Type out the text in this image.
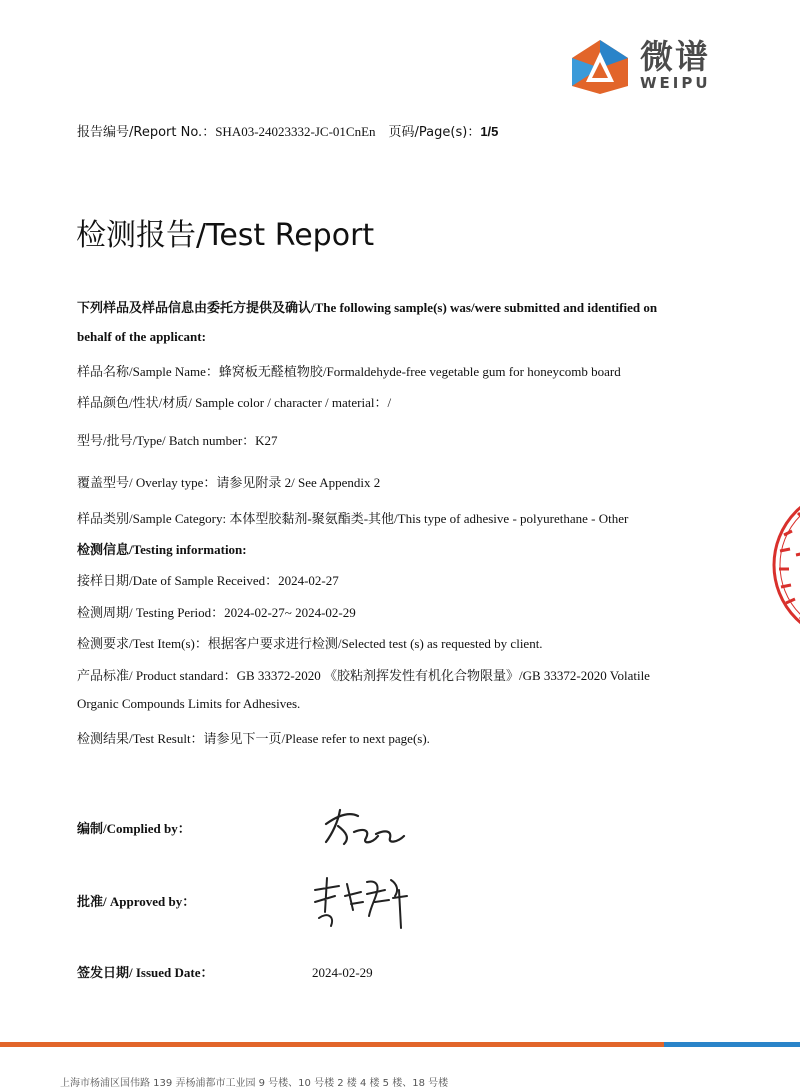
微谱
WEIPU
报告编号/Report No.：SHA03-24023332-JC-01CnEn 页码/Page(s)：1/5
检测报告/Test Report
下列样品及样品信息由委托方提供及确认/The following sample(s) was/were submitted and identified on
behalf of the applicant:
样品名称/Sample Name：蜂窝板无醛植物胶/Formaldehyde-free vegetable gum for honeycomb board
样品颜色/性状/材质/ Sample color / character / material：/
型号/批号/Type/ Batch number：K27
覆盖型号/ Overlay type：请参见附录 2/ See Appendix 2
样品类别/Sample Category: 本体型胶黏剂-聚氨酯类-其他/This type of adhesive - polyurethane - Other
检测信息/Testing information:
接样日期/Date of Sample Received：2024-02-27
检测周期/ Testing Period：2024-02-27~ 2024-02-29
检测要求/Test Item(s)：根据客户要求进行检测/Selected test (s) as requested by client.
产品标准/ Product standard：GB 33372-2020 《胶粘剂挥发性有机化合物限量》/GB 33372-2020 Volatile
Organic Compounds Limits for Adhesives.
检测结果/Test Result：请参见下一页/Please refer to next page(s).
编制/Complied by：
批准/ Approved by：
签发日期/ Issued Date：	2024-02-29
上海市杨浦区国伟路 139 弄杨浦都市工业园 9 号楼、10 号楼 2 楼 4 楼 5 楼、18 号楼
